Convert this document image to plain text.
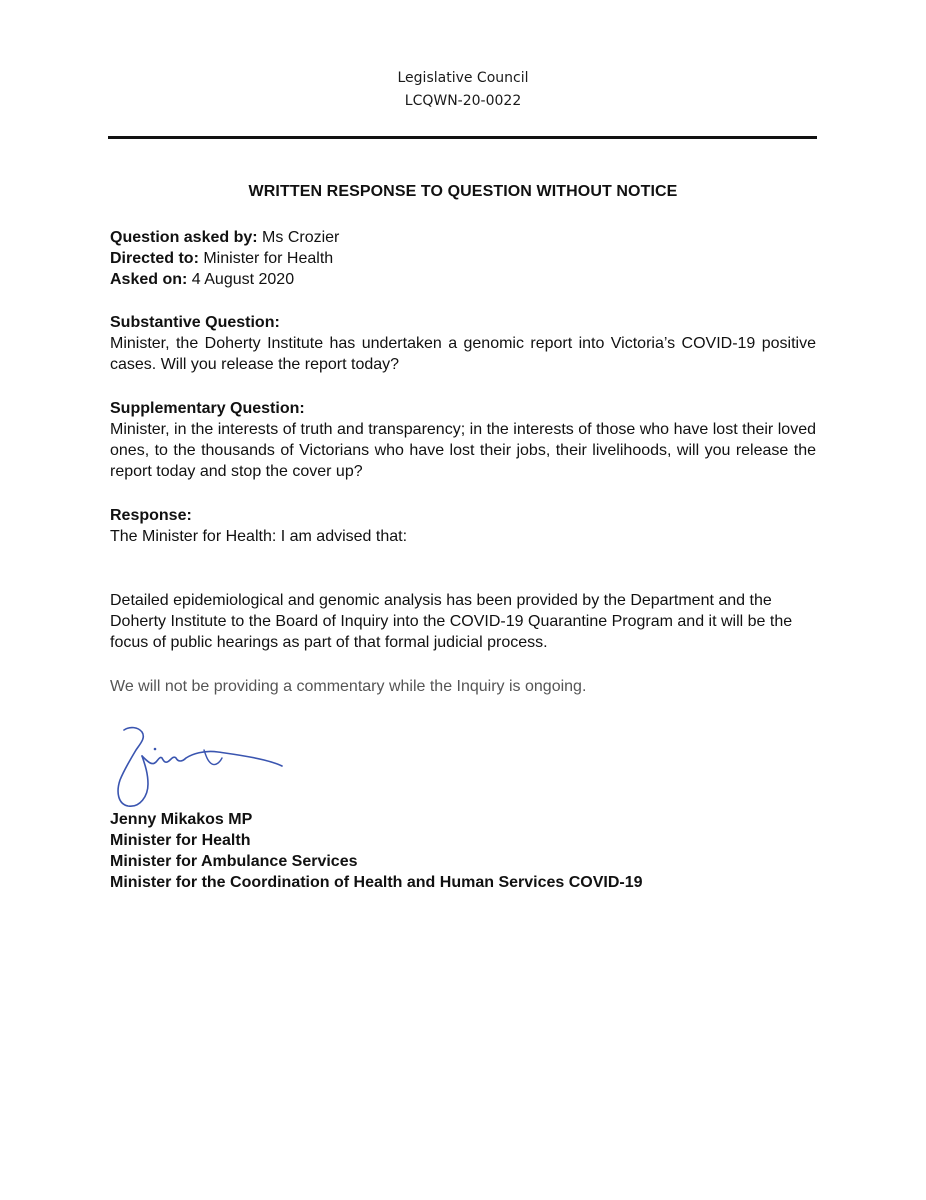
Legislative Council
LCQWN-20-0022
WRITTEN RESPONSE TO QUESTION WITHOUT NOTICE
Question asked by: Ms Crozier
Directed to: Minister for Health
Asked on: 4 August 2020
Substantive Question:
Minister, the Doherty Institute has undertaken a genomic report into Victoria’s COVID-19 positive cases. Will you release the report today?
Supplementary Question:
Minister, in the interests of truth and transparency; in the interests of those who have lost their loved ones, to the thousands of Victorians who have lost their jobs, their livelihoods, will you release the report today and stop the cover up?
Response:
The Minister for Health: I am advised that:
Detailed epidemiological and genomic analysis has been provided by the Department and the Doherty Institute to the Board of Inquiry into the COVID-19 Quarantine Program and it will be the focus of public hearings as part of that formal judicial process.
We will not be providing a commentary while the Inquiry is ongoing.
Jenny Mikakos MP
Minister for Health
Minister for Ambulance Services
Minister for the Coordination of Health and Human Services COVID-19
